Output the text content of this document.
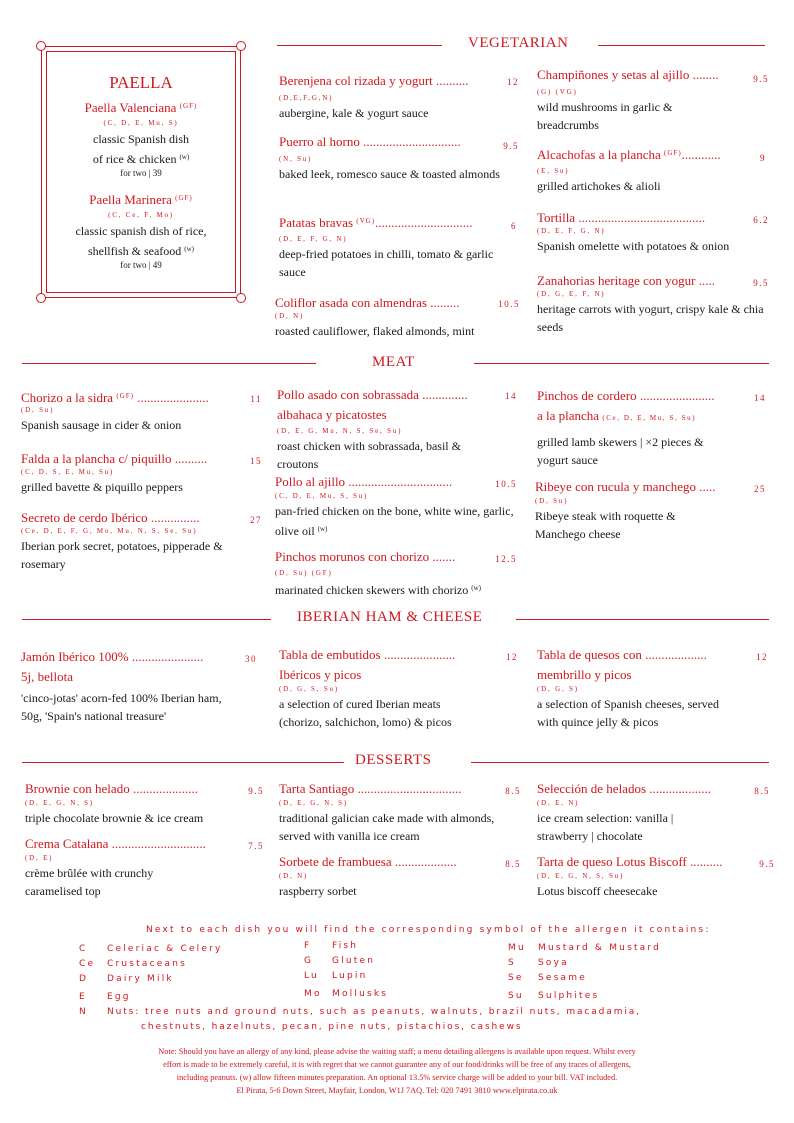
VEGETARIAN
PAELLA
Paella Valenciana $^{(GF)}$
(C, D, E, Mu, S)
classic Spanish dish
of rice & chicken $^{(w)}$
for two | 39
Paella Marinera $^{(GF)}$
(C, Ce, F, Mo)
classic spanish dish of rice,
shellfish & seafood $^{(w)}$
for two | 49
Berenjena col rizada y yogurt ..........	12
(D,E,F,G,N)
aubergine, kale & yogurt sauce
Puerro al horno ..............................	9.5
(N, Su)
baked leek, romesco sauce & toasted almonds
Patatas bravas $^{(VG)}$..............................	6
(D, E, F, G, N)
deep-fried potatoes in chilli, tomato & garlic sauce
Coliflor asada con almendras .........	10.5
(D, N)
roasted cauliflower, flaked almonds, mint
Champiñones y setas al ajillo ........	9.5
(G) (VG)
wild mushrooms in garlic & breadcrumbs
Alcachofas a la plancha $^{(GF)}$............	9
(E, Su)
grilled artichokes & alioli
Tortilla .......................................	6.2
(D, E, F, G, N)
Spanish omelette with potatoes & onion
Zanahorias heritage con yogur .....	9.5
(D, G, E, F, N)
heritage carrots with yogurt, crispy kale & chia seeds
MEAT
Chorizo a la sidra $^{(GF)}$ ......................	11
(D, Su)
Spanish sausage in cider & onion
Falda a la plancha c/ piquillo ..........	15
(C, D, S, E, Mu, Su)
grilled bavette & piquillo peppers
Secreto de cerdo Ibérico ...............	27
(Ce, D, E, F, G, Mo, Mu, N, S, Se, Su)
Iberian pork secret, potatoes, pipperade & rosemary
Pollo asado con sobrassada ..............	14
albahaca y picatostes
(D, E, G, Mu, N, S, Se, Su)
roast chicken with sobrassada, basil & croutons
Pollo al ajillo ................................	10.5
(C, D, E, Mu, S, Su)
pan-fried chicken on the bone, white wine, garlic, olive oil $^{(w)}$
Pinchos morunos con chorizo .......	12.5
(D, Su) (GF)
marinated chicken skewers with chorizo $^{(w)}$
Pinchos de cordero .......................	14
a la plancha (Ce, D, E, Mu, S, Su)
grilled lamb skewers | ×2 pieces & yogurt sauce
Ribeye con rucula y manchego .....	25
(D, Su)
Ribeye steak with roquette & Manchego cheese
IBERIAN HAM & CHEESE
Jamón Ibérico 100% ......................	30
5j, bellota
'cinco-jotas' acorn-fed 100% Iberian ham, 50g, 'Spain's national treasure'
Tabla de embutidos ......................	12
Ibéricos y picos
(D, G, S, Su)
a selection of cured Iberian meats (chorizo, salchichon, lomo) & picos
Tabla de quesos con ...................	12
membrillo y picos
(D, G, S)
a selection of Spanish cheeses, served with quince jelly & picos
DESSERTS
Brownie con helado ....................	9.5
(D, E, G, N, S)
triple chocolate brownie & ice cream
Crema Catalana .............................	7.5
(D, E)
crème brûlée with crunchy caramelised top
Tarta Santiago ................................	8.5
(D, E, G, N, S)
traditional galician cake made with almonds, served with vanilla ice cream
Sorbete de frambuesa ...................	8.5
(D, N)
raspberry sorbet
Selección de helados ...................	8.5
(D, E, N)
ice cream selection: vanilla | strawberry | chocolate
Tarta de queso Lotus Biscoff ..........	9.5
(D, E, G, N, S, Su)
Lotus biscoff cheesecake
Next to each dish you will find the corresponding symbol of the allergen it contains:
C Celeriac & Celery
Ce Crustaceans
D Dairy Milk
E Egg
F Fish
G Gluten
Lu Lupin
Mo Mollusks
Mu Mustard & Mustard
S Soya
Se Sesame
Su Sulphites
N Nuts: tree nuts and ground nuts, such as peanuts, walnuts, brazil nuts, macadamia,
chestnuts, hazelnuts, pecan, pine nuts, pistachios, cashews
Note: Should you have an allergy of any kind, please advise the waiting staff; a menu detailing allergens is available upon request. Whilst every
effort is made to be extremely careful, it is with regret that we cannot guarantee any of our food/drinks will be free of any traces of allergens,
including peanuts. (w) allow fifteen minutes preparation. An optional 13.5% service charge will be added to your bill. VAT included.
El Pirata, 5-6 Down Street, Mayfair, London, W1J 7AQ. Tel: 020 7491 3810 www.elpirata.co.uk
